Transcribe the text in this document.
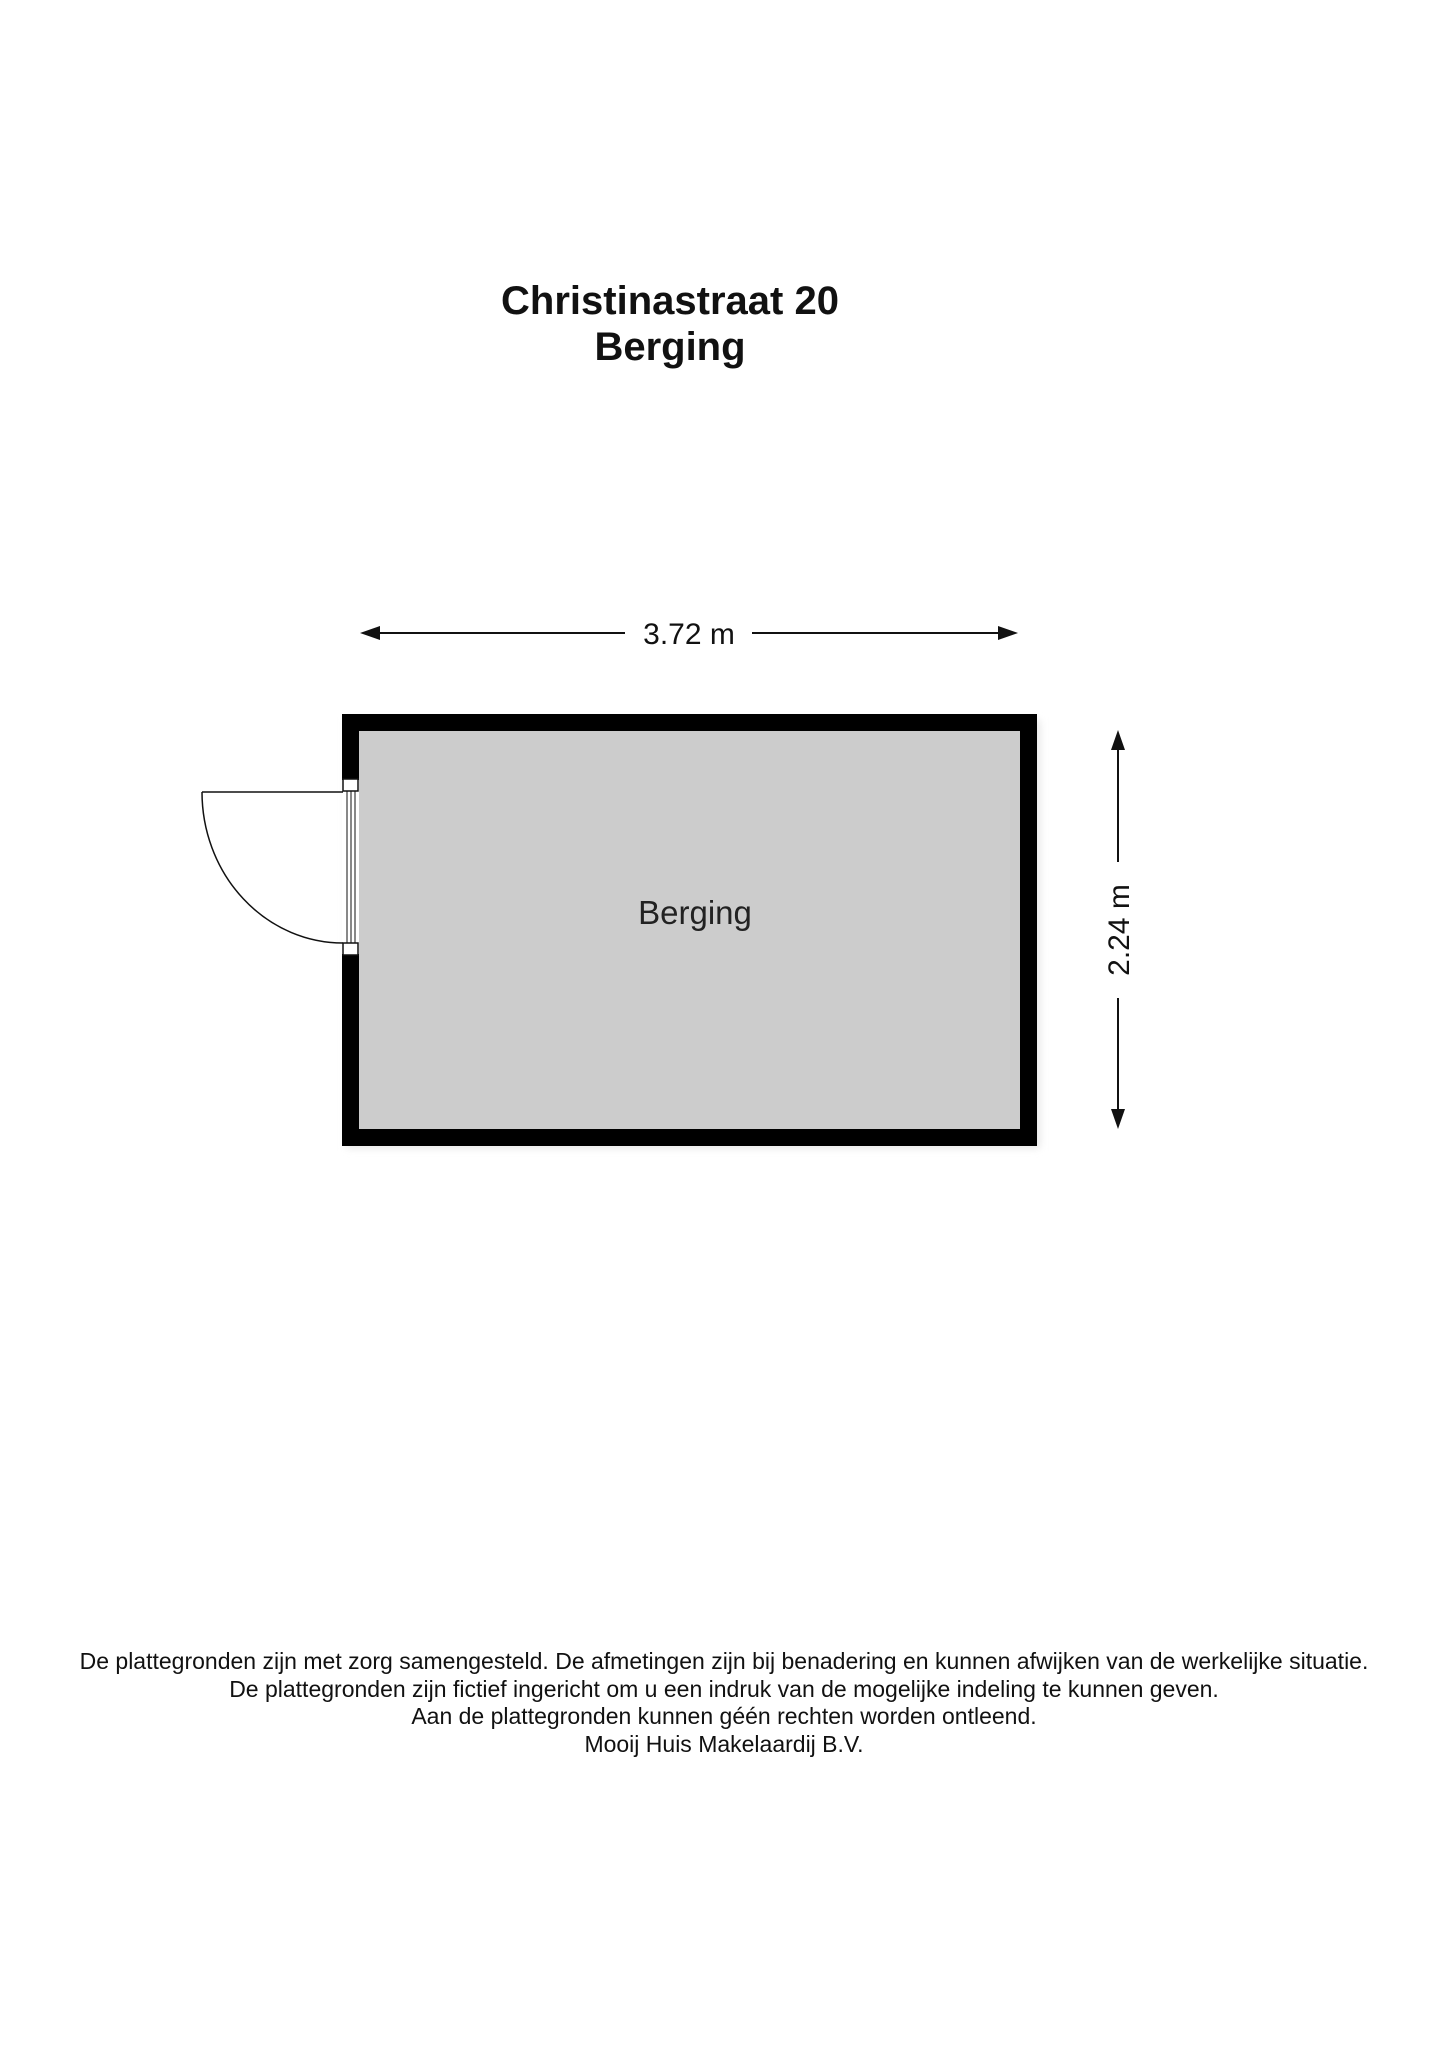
Christinastraat 20
Berging
3.72 m
2.24 m
Berging
De plattegronden zijn met zorg samengesteld. De afmetingen zijn bij benadering en kunnen afwijken van de werkelijke situatie.
De plattegronden zijn fictief ingericht om u een indruk van de mogelijke indeling te kunnen geven.
Aan de plattegronden kunnen géén rechten worden ontleend.
Mooij Huis Makelaardij B.V.
